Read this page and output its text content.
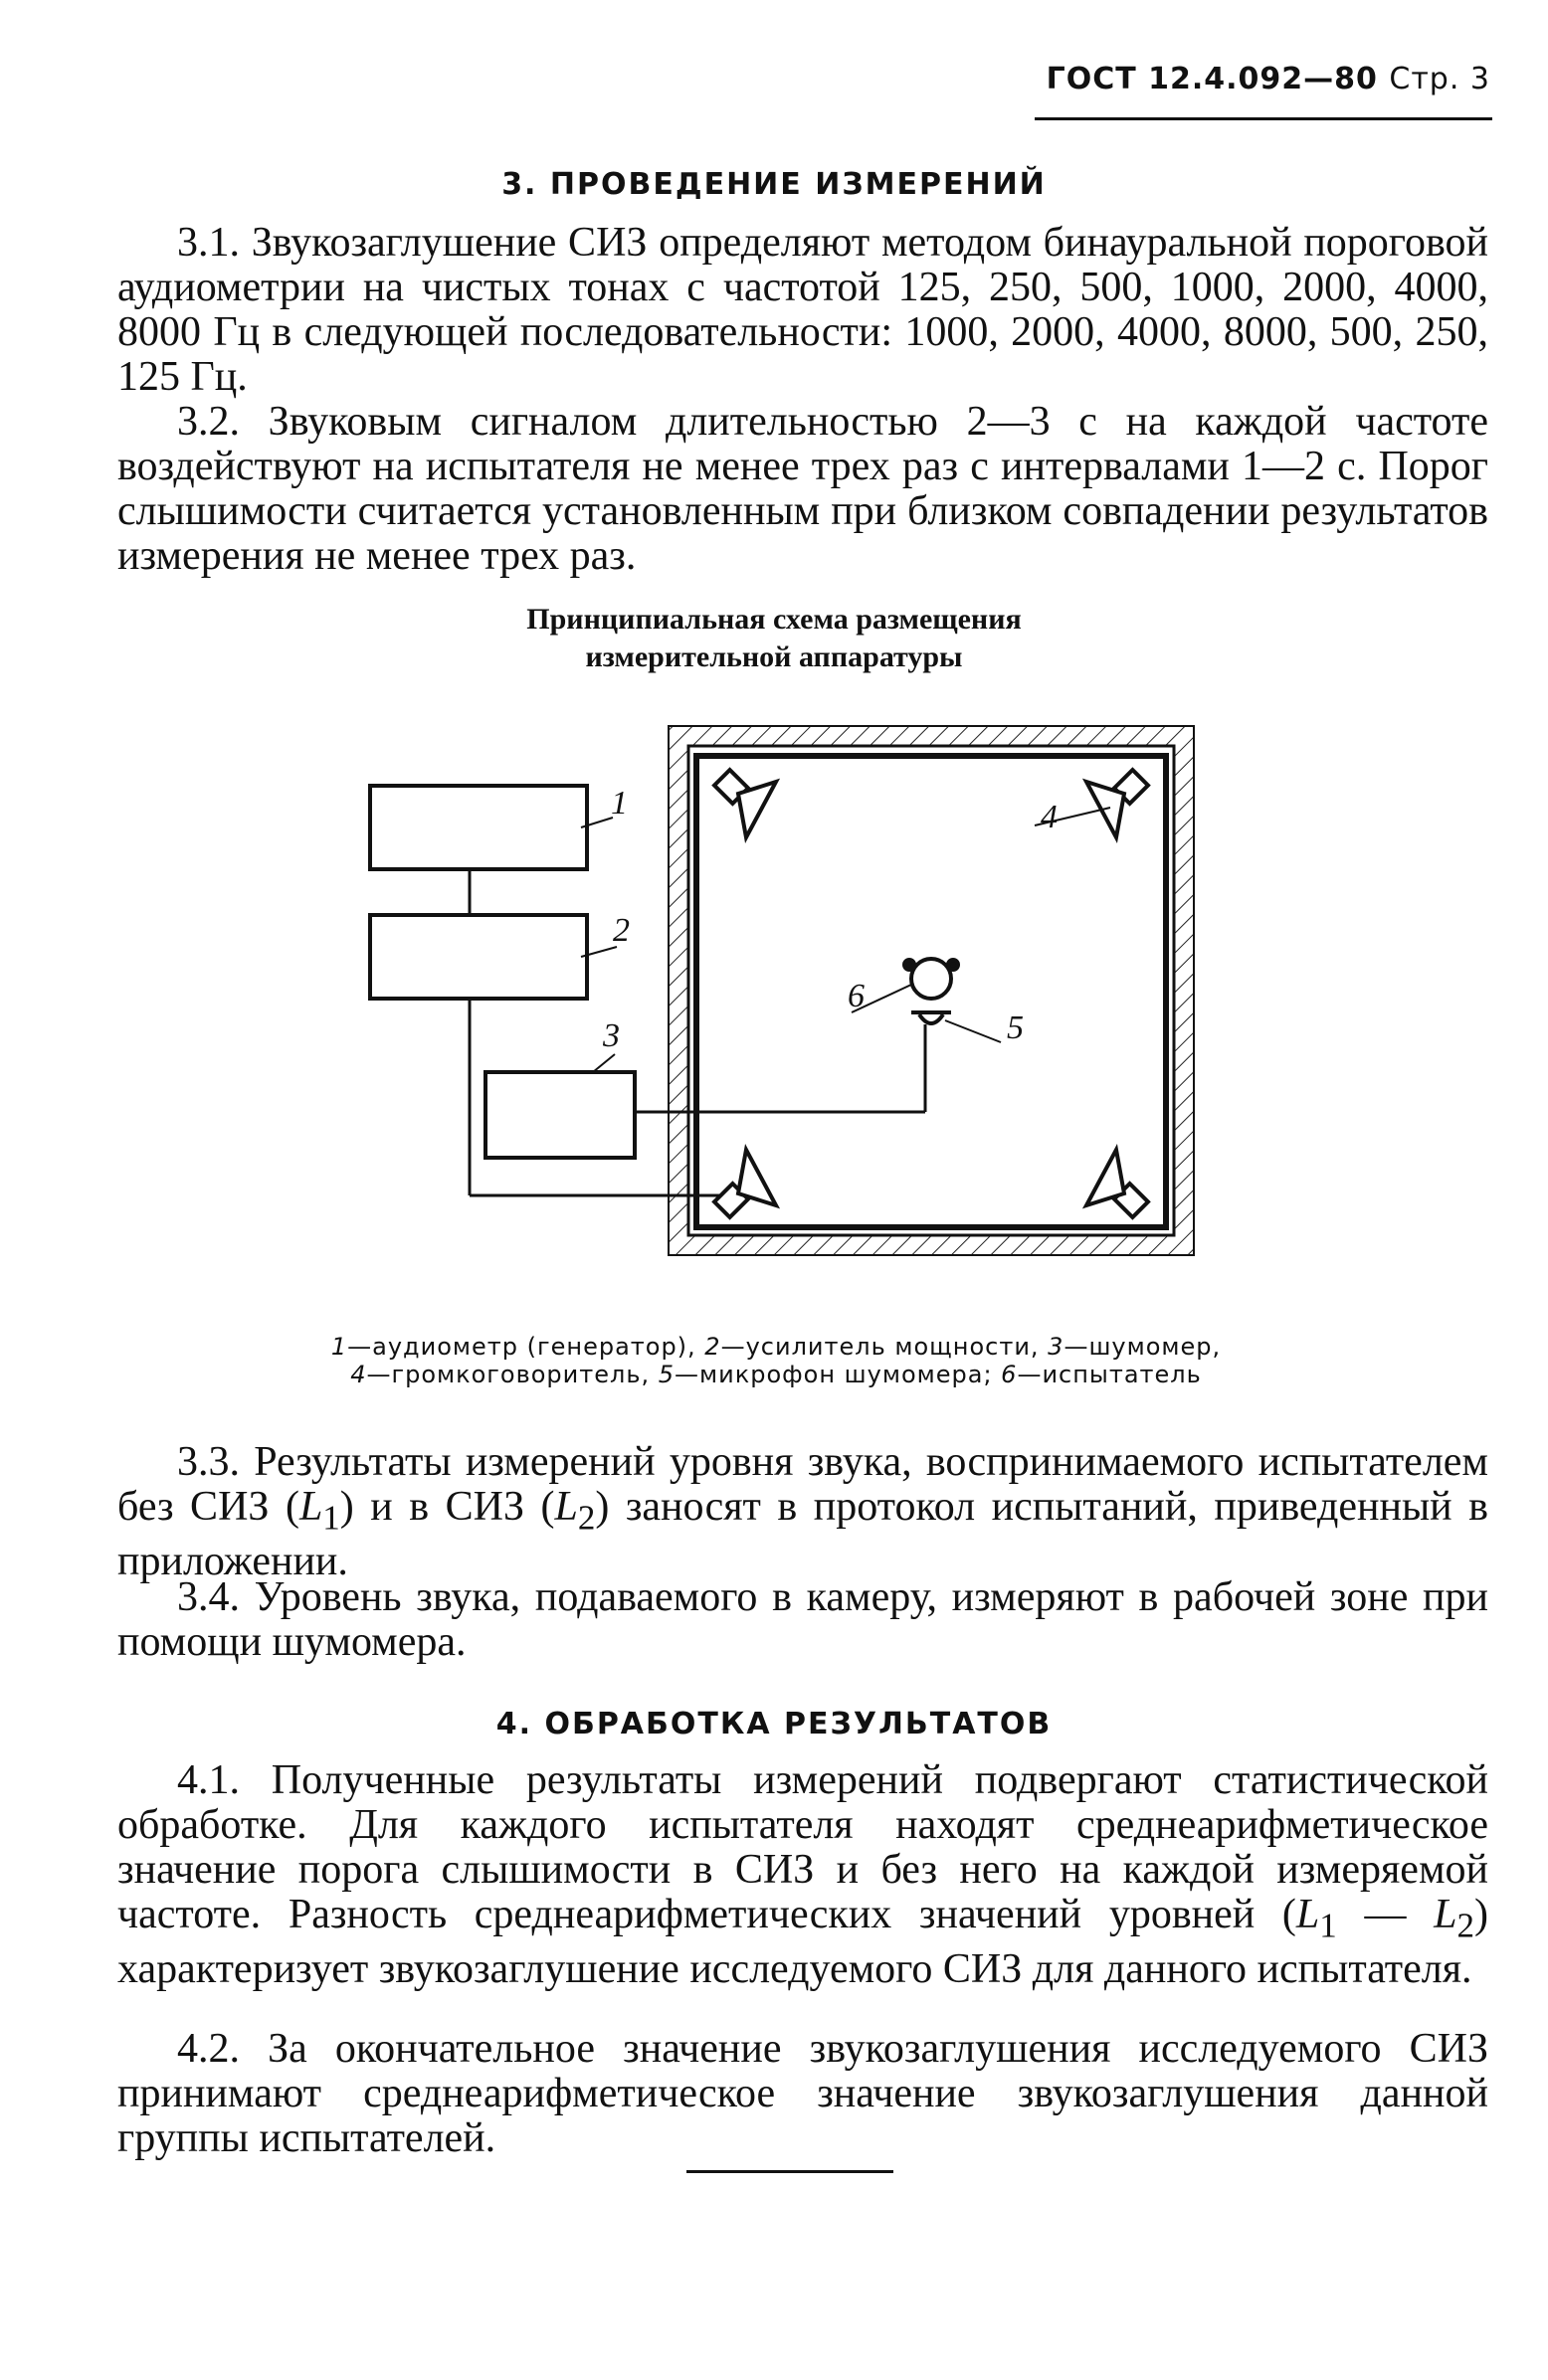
ГОСТ 12.4.092—80 Стр. 3
3. ПРОВЕДЕНИЕ ИЗМЕРЕНИЙ

3.1. Звукозаглушение СИЗ определяют методом бинауральной пороговой аудиометрии на чистых тонах с частотой 125, 250, 500, 1000, 2000, 4000, 8000 Гц в следующей последовательности: 1000, 2000, 4000, 8000, 500, 250, 125 Гц.

3.2. Звуковым сигналом длительностью 2—3 с на каждой частоте воздействуют на испытателя не менее трех раз с интервалами 1—2 с. Порог слышимости считается установленным при близком совпадении результатов измерения не менее трех раз.

Принципиальная схема размещения
измерительной аппаратуры
1
2
3
4
5
6
1—аудиометр (генератор), 2—усилитель мощности, 3—шумомер, 4—громкоговоритель, 5—микрофон шумомера; 6—испытатель

3.3. Результаты измерений уровня звука, воспринимаемого испытателем без СИЗ $(L_1)$ и в СИЗ $(L_2)$ заносят в протокол испытаний, приведенный в приложении.

3.4. Уровень звука, подаваемого в камеру, измеряют в рабочей зоне при помощи шумомера.

4. ОБРАБОТКА РЕЗУЛЬТАТОВ

4.1. Полученные результаты измерений подвергают статистической обработке. Для каждого испытателя находят среднеарифметическое значение порога слышимости в СИЗ и без него на каждой измеряемой частоте. Разность среднеарифметических значений уровней ($L_1$ — $L_2$) характеризует звукозаглушение исследуемого СИЗ для данного испытателя.

4.2. За окончательное значение звукозаглушения исследуемого СИЗ принимают среднеарифметическое значение звукозаглушения данной группы испытателей.
